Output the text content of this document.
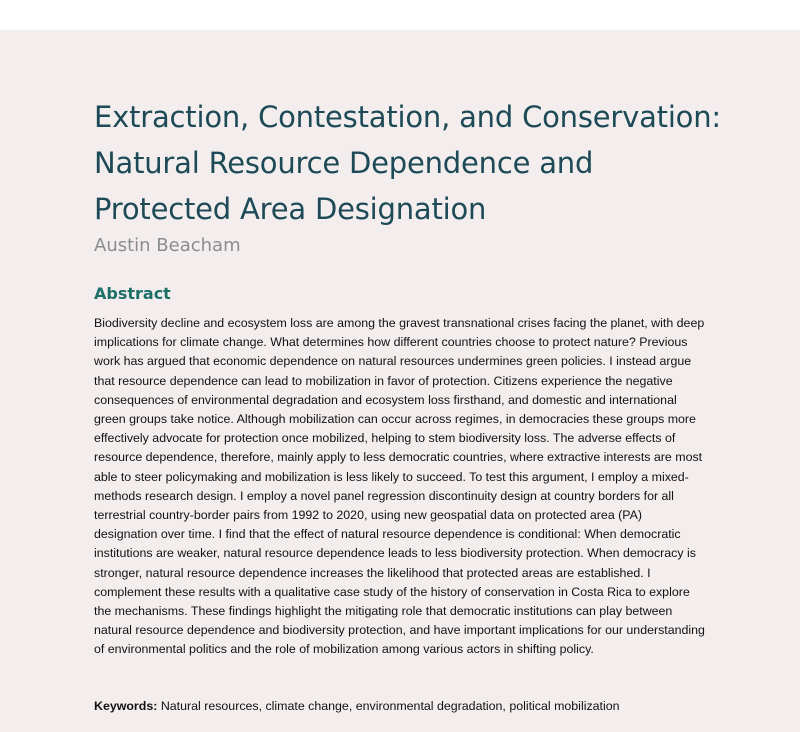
Extraction, Contestation, and Conservation: Natural Resource Dependence and Protected Area Designation

Austin Beacham

Abstract

Biodiversity decline and ecosystem loss are among the gravest transnational crises facing the planet, with deep implications for climate change. What determines how different countries choose to protect nature? Previous work has argued that economic dependence on natural resources undermines green policies. I instead argue that resource dependence can lead to mobilization in favor of protection. Citizens experience the negative consequences of environmental degradation and ecosystem loss firsthand, and domestic and international green groups take notice. Although mobilization can occur across regimes, in democracies these groups more effectively advocate for protection once mobilized, helping to stem biodiversity loss. The adverse effects of resource dependence, therefore, mainly apply to less democratic countries, where extractive interests are most able to steer policymaking and mobilization is less likely to succeed. To test this argument, I employ a mixed-methods research design. I employ a novel panel regression discontinuity design at country borders for all terrestrial country-border pairs from 1992 to 2020, using new geospatial data on protected area (PA) designation over time. I find that the effect of natural resource dependence is conditional: When democratic institutions are weaker, natural resource dependence leads to less biodiversity protection. When democracy is stronger, natural resource dependence increases the likelihood that protected areas are established. I complement these results with a qualitative case study of the history of conservation in Costa Rica to explore the mechanisms. These findings highlight the mitigating role that democratic institutions can play between natural resource dependence and biodiversity protection, and have important implications for our understanding of environmental politics and the role of mobilization among various actors in shifting policy.

Keywords: Natural resources, climate change, environmental degradation, political mobilization
